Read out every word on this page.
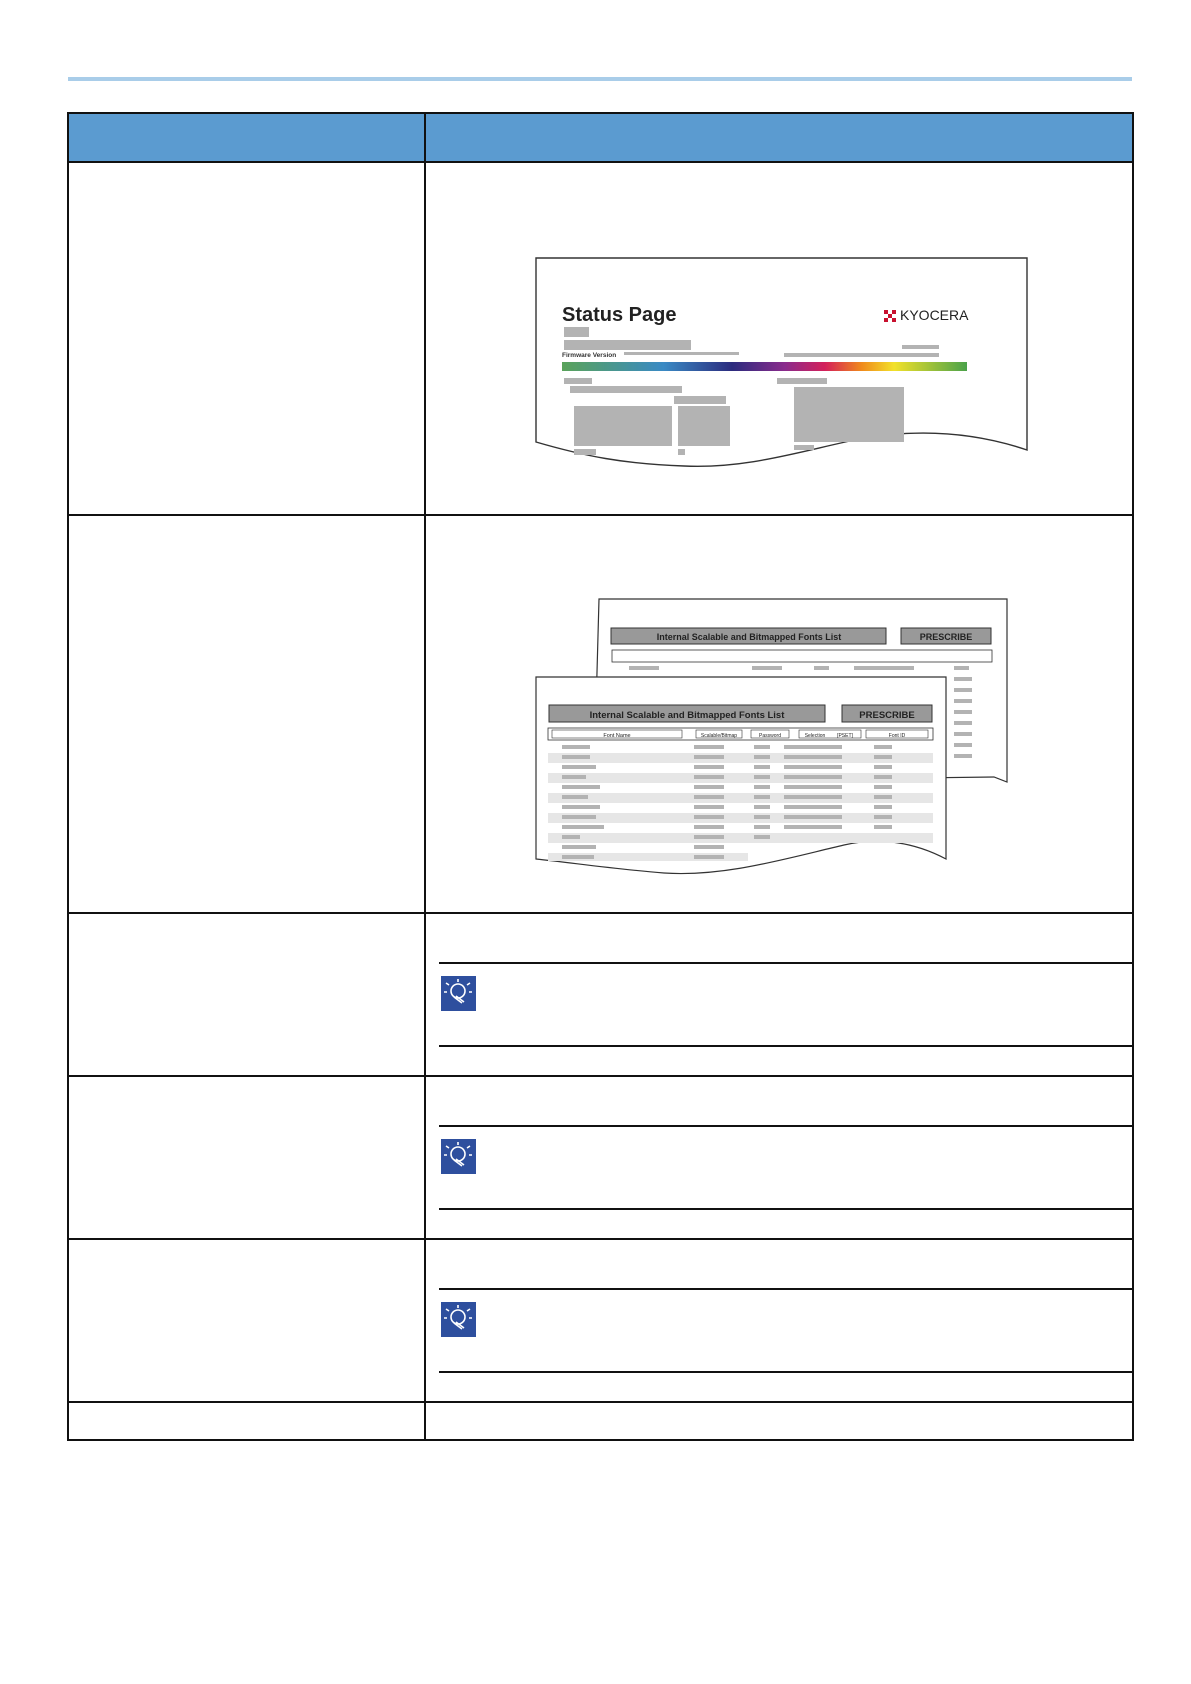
Status Page	KYOCERA
Firmware Version
Internal Scalable and Bitmapped Fonts List	PRESCRIBE
Internal Scalable and Bitmapped Fonts List	PRESCRIBE
Font Name	Scalable/Bitmap	Password	Selection [PSET]	Font ID
